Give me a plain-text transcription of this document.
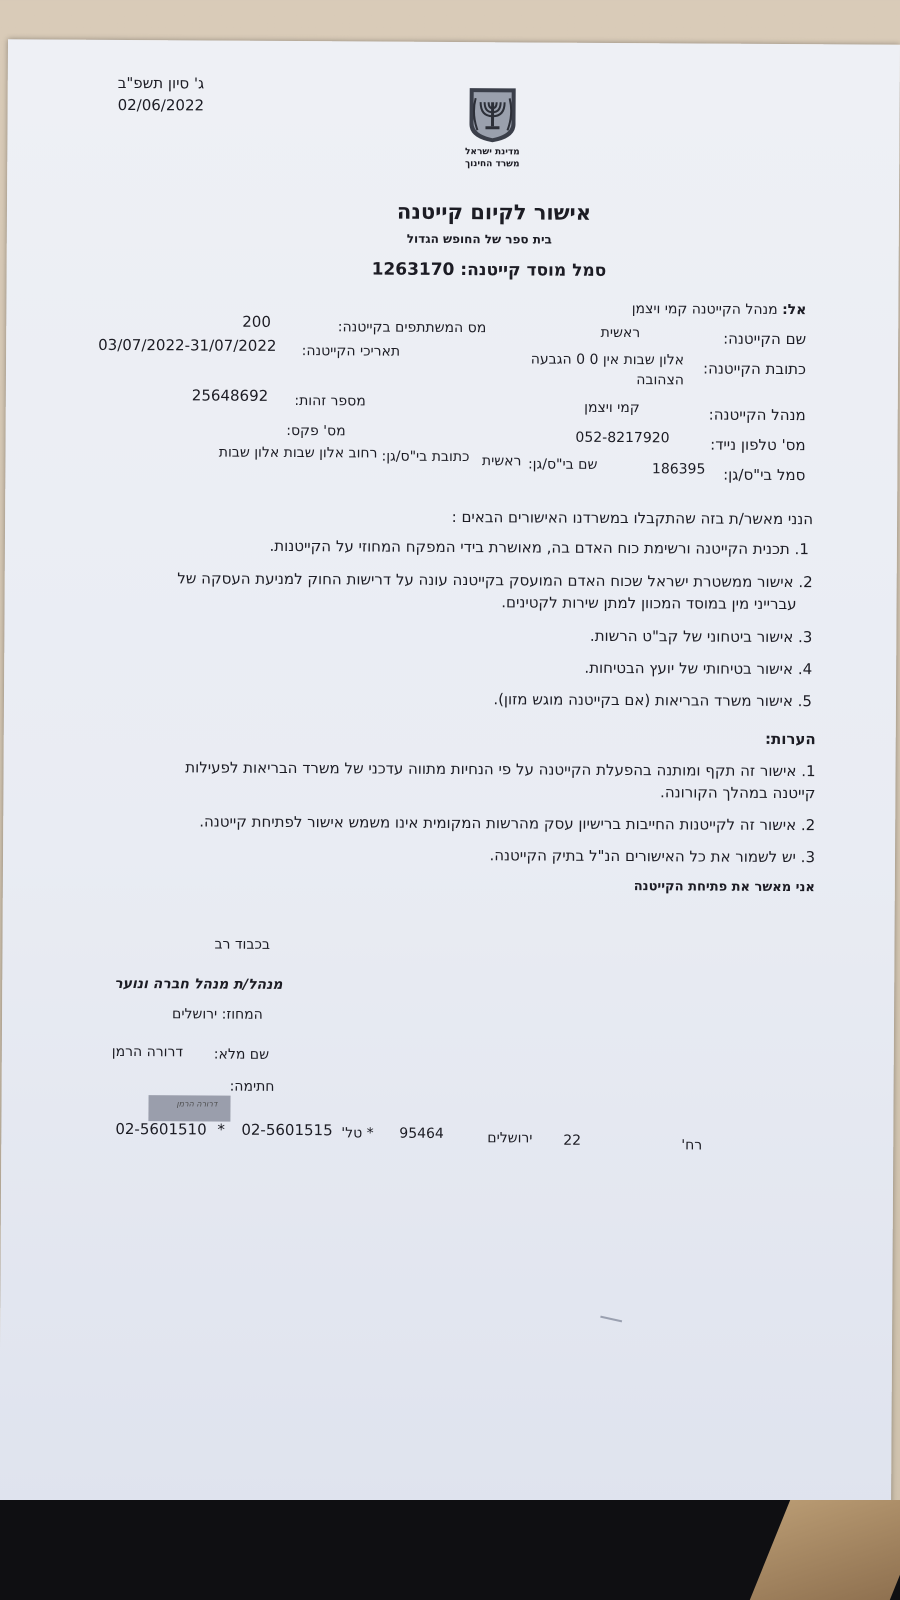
ג' סיון תשפ"ב
02/06/2022
מדינת ישראל
משרד החינוך
אישור לקיום קייטנה
בית ספר של החופש הגדול
סמל מוסד קייטנה: 1263170
אל: מנהל הקייטנה קמי ויצמן
שם הקייטנה:
ראשית
מס המשתתפים בקייטנה:
200
כתובת הקייטנה:
אלון שבות אין 0 0 הגבעה
הצהובה
תאריכי הקייטנה:
03/07/2022-31/07/2022
מנהל הקייטנה:
קמי ויצמן
מספר זהות:
25648692
מס' טלפון נייד:
052-8217920
מס' פקס:
סמל בי"ס/גן:
186395
שם בי"ס/גן:
ראשית
כתובת בי"ס/גן:
רחוב אלון שבות אלון שבות
הנני מאשר/ת בזה שהתקבלו במשרדנו האישורים הבאים :
1. תכנית הקייטנה ורשימת כוח האדם בה, מאושרת בידי המפקח המחוזי על הקייטנות.
2. אישור ממשטרת ישראל שכוח האדם המועסק בקייטנה עונה על דרישות החוק למניעת העסקה של
עברייני מין במוסד המכוון למתן שירות לקטינים.
3. אישור ביטחוני של קב"ט הרשות.
4. אישור בטיחותי של יועץ הבטיחות.
5. אישור משרד הבריאות (אם בקייטנה מוגש מזון).
הערות:
1. אישור זה תקף ומותנה בהפעלת הקייטנה על פי הנחיות מתווה עדכני של משרד הבריאות לפעילות
קייטנה במהלך הקורונה.
2. אישור זה לקייטנות החייבות ברישיון עסק מהרשות המקומית אינו משמש אישור לפתיחת קייטנה.
3. יש לשמור את כל האישורים הנ"ל בתיק הקייטנה.
אני מאשר את פתיחת הקייטנה
בכבוד רב
מנהל/ת מנהל חברה ונוער
המחוז: ירושלים
שם מלא:
דרורה הרמן
חתימה:
דרורה הרמן
רח'
22
ירושלים
95464
* טל'
02-5601515
*
02-5601510
